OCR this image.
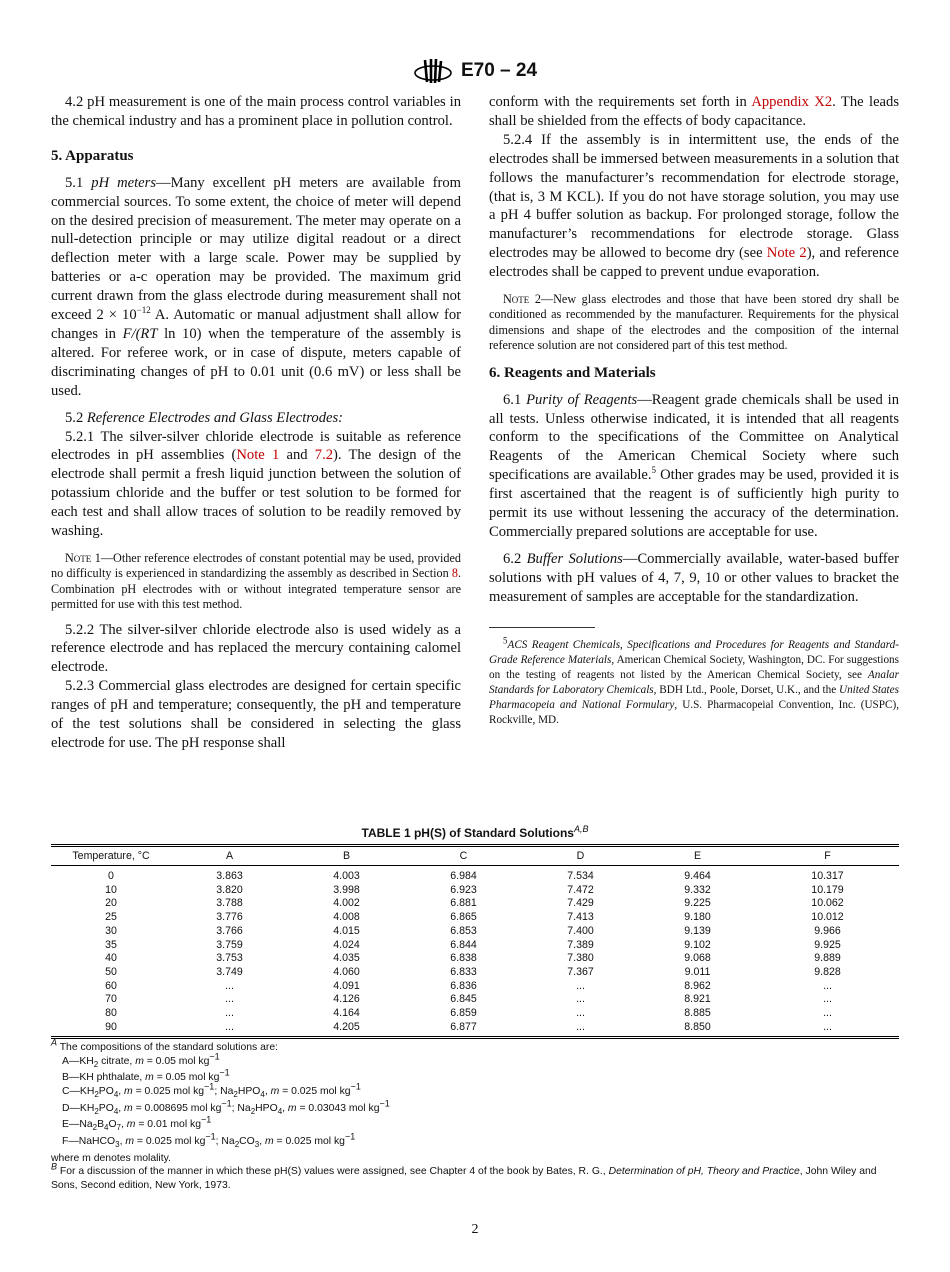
E70 – 24

4.2 pH measurement is one of the main process control variables in the chemical industry and has a prominent place in pollution control.

5. Apparatus

5.1 pH meters—Many excellent pH meters are available from commercial sources. To some extent, the choice of meter will depend on the desired precision of measurement. The meter may operate on a null-detection principle or may utilize digital readout or a direct deflection meter with a large scale. Power may be supplied by batteries or a-c operation may be provided. The maximum grid current drawn from the glass electrode during measurement shall not exceed $2 \times 10^{-12}$ A. Automatic or manual adjustment shall allow for changes in F/(RT ln 10) when the temperature of the assembly is altered. For referee work, or in case of dispute, meters capable of discriminating changes of pH to 0.01 unit (0.6 mV) or less shall be used.

5.2 Reference Electrodes and Glass Electrodes:

5.2.1 The silver-silver chloride electrode is suitable as reference electrodes in pH assemblies (Note 1 and 7.2). The design of the electrode shall permit a fresh liquid junction between the solution of potassium chloride and the buffer or test solution to be formed for each test and shall allow traces of solution to be readily removed by washing.

Note 1—Other reference electrodes of constant potential may be used, provided no difficulty is experienced in standardizing the assembly as described in Section 8. Combination pH electrodes with or without integrated temperature sensor are permitted for use with this test method.

5.2.2 The silver-silver chloride electrode also is used widely as a reference electrode and has replaced the mercury containing calomel electrode.

5.2.3 Commercial glass electrodes are designed for certain specific ranges of pH and temperature; consequently, the pH and temperature of the test solutions shall be considered in selecting the glass electrode for use. The pH response shall

conform with the requirements set forth in Appendix X2. The leads shall be shielded from the effects of body capacitance.

5.2.4 If the assembly is in intermittent use, the ends of the electrodes shall be immersed between measurements in a solution that follows the manufacturer’s recommendation for electrode storage, (that is, 3 M KCL). If you do not have storage solution, you may use a pH 4 buffer solution as backup. For prolonged storage, follow the manufacturer’s recommendations for electrode storage. Glass electrodes may be allowed to become dry (see Note 2), and reference electrodes shall be capped to prevent undue evaporation.

Note 2—New glass electrodes and those that have been stored dry shall be conditioned as recommended by the manufacturer. Requirements for the physical dimensions and shape of the electrodes and the composition of the internal reference solution are not considered part of this test method.

6. Reagents and Materials

6.1 Purity of Reagents—Reagent grade chemicals shall be used in all tests. Unless otherwise indicated, it is intended that all reagents conform to the specifications of the Committee on Analytical Reagents of the American Chemical Society where such specifications are available.$^5$ Other grades may be used, provided it is first ascertained that the reagent is of sufficiently high purity to permit its use without lessening the accuracy of the determination. Commercially prepared solutions are acceptable for use.

6.2 Buffer Solutions—Commercially available, water-based buffer solutions with pH values of 4, 7, 9, 10 or other values to bracket the measurement of samples are acceptable for the standardization.

$^5$ACS Reagent Chemicals, Specifications and Procedures for Reagents and Standard-Grade Reference Materials, American Chemical Society, Washington, DC. For suggestions on the testing of reagents not listed by the American Chemical Society, see Analar Standards for Laboratory Chemicals, BDH Ltd., Poole, Dorset, U.K., and the United States Pharmacopeia and National Formulary, U.S. Pharmacopeial Convention, Inc. (USPC), Rockville, MD.

TABLE 1 pH(S) of Standard Solutions$^{A,B}$
Temperature, °C	A	B	C	D	E	F
0	3.863	4.003	6.984	7.534	9.464	10.317
10	3.820	3.998	6.923	7.472	9.332	10.179
20	3.788	4.002	6.881	7.429	9.225	10.062
25	3.776	4.008	6.865	7.413	9.180	10.012
30	3.766	4.015	6.853	7.400	9.139	9.966
35	3.759	4.024	6.844	7.389	9.102	9.925
40	3.753	4.035	6.838	7.380	9.068	9.889
50	3.749	4.060	6.833	7.367	9.011	9.828
60	...	4.091	6.836	...	8.962	...
70	...	4.126	6.845	...	8.921	...
80	...	4.164	6.859	...	8.885	...
90	...	4.205	6.877	...	8.850	...
$^A$ The compositions of the standard solutions are:
$A—KH_2$ citrate, m = 0.05 mol $kg^{-1}$
B—KH phthalate, m = 0.05 mol $kg^{-1}$
$C—KH_2PO_4$, m = 0.025 mol $kg^{-1}$; $Na_2HPO_4$, m = 0.025 mol $kg^{-1}$
$D—KH_2PO_4$, m = 0.008695 mol $kg^{-1}$; $Na_2HPO_4$, m = 0.03043 mol $kg^{-1}$
$E—Na_2B_4O_7$, m = 0.01 mol $kg^{-1}$
F—NaHCO$_3$, m = 0.025 mol $kg^{-1}$; $Na_2CO_3$, m = 0.025 mol $kg^{-1}$
where m denotes molality.
$^B$ For a discussion of the manner in which these pH(S) values were assigned, see Chapter 4 of the book by Bates, R. G., Determination of pH, Theory and Practice, John Wiley and Sons, Second edition, New York, 1973.
2
